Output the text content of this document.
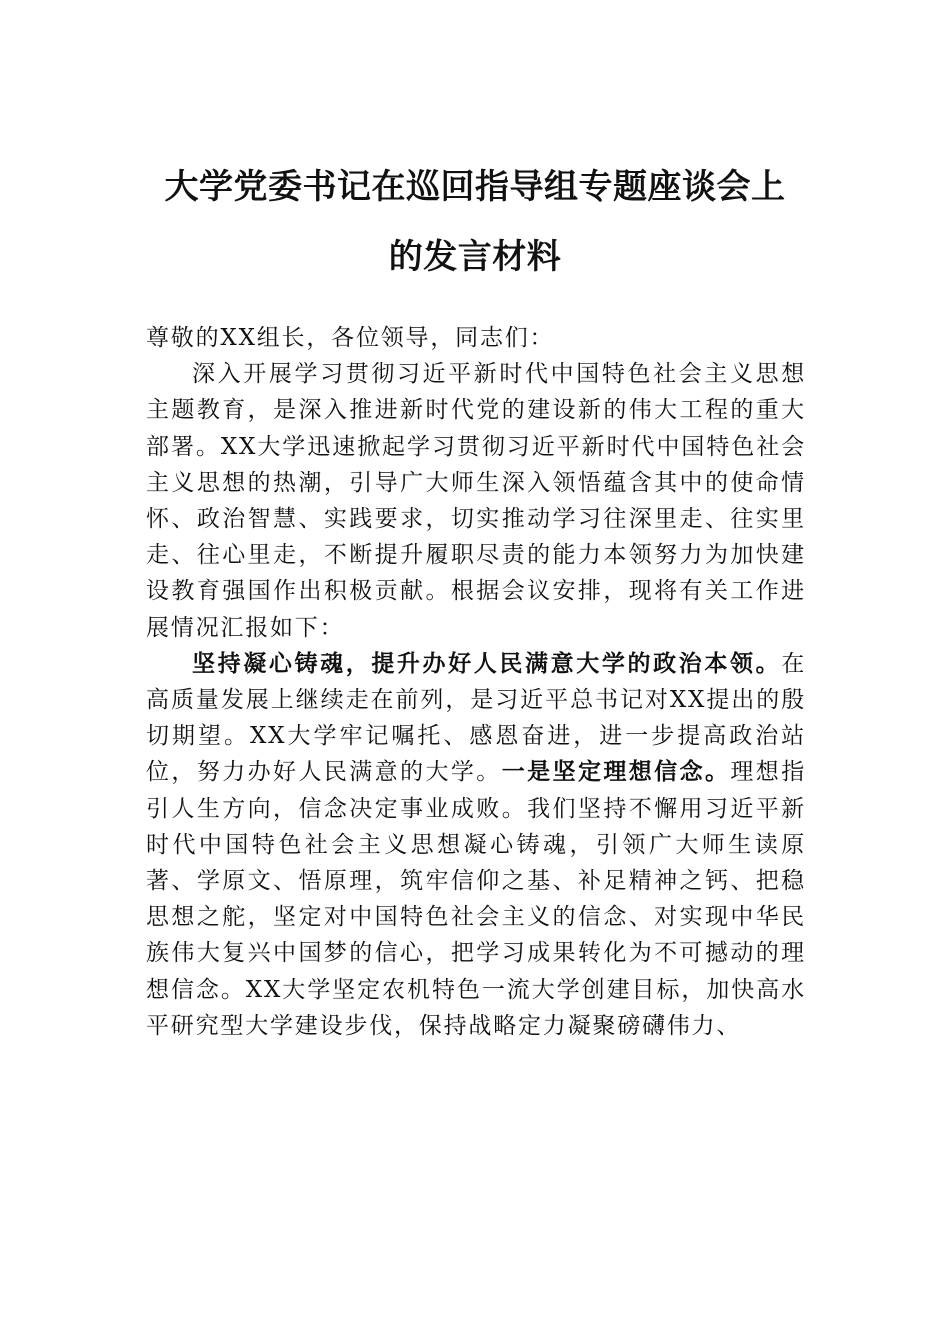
大学党委书记在巡回指导组专题座谈会上
的发言材料

尊敬的XX组长，各位领导，同志们：

深入开展学习贯彻习近平新时代中国特色社会主义思想主题教育，是深入推进新时代党的建设新的伟大工程的重大部署。XX大学迅速掀起学习贯彻习近平新时代中国特色社会主义思想的热潮，引导广大师生深入领悟蕴含其中的使命情怀、政治智慧、实践要求，切实推动学习往深里走、往实里走、往心里走，不断提升履职尽责的能力本领努力为加快建设教育强国作出积极贡献。根据会议安排，现将有关工作进展情况汇报如下：

坚持凝心铸魂，提升办好人民满意大学的政治本领。在高质量发展上继续走在前列，是习近平总书记对XX提出的殷切期望。XX大学牢记嘱托、感恩奋进，进一步提高政治站位，努力办好人民满意的大学。一是坚定理想信念。理想指引人生方向，信念决定事业成败。我们坚持不懈用习近平新时代中国特色社会主义思想凝心铸魂，引领广大师生读原著、学原文、悟原理，筑牢信仰之基、补足精神之钙、把稳思想之舵，坚定对中国特色社会主义的信念、对实现中华民族伟大复兴中国梦的信心，把学习成果转化为不可撼动的理想信念。XX大学坚定农机特色一流大学创建目标，加快高水平研究型大学建设步伐，保持战略定力凝聚磅礴伟力、
